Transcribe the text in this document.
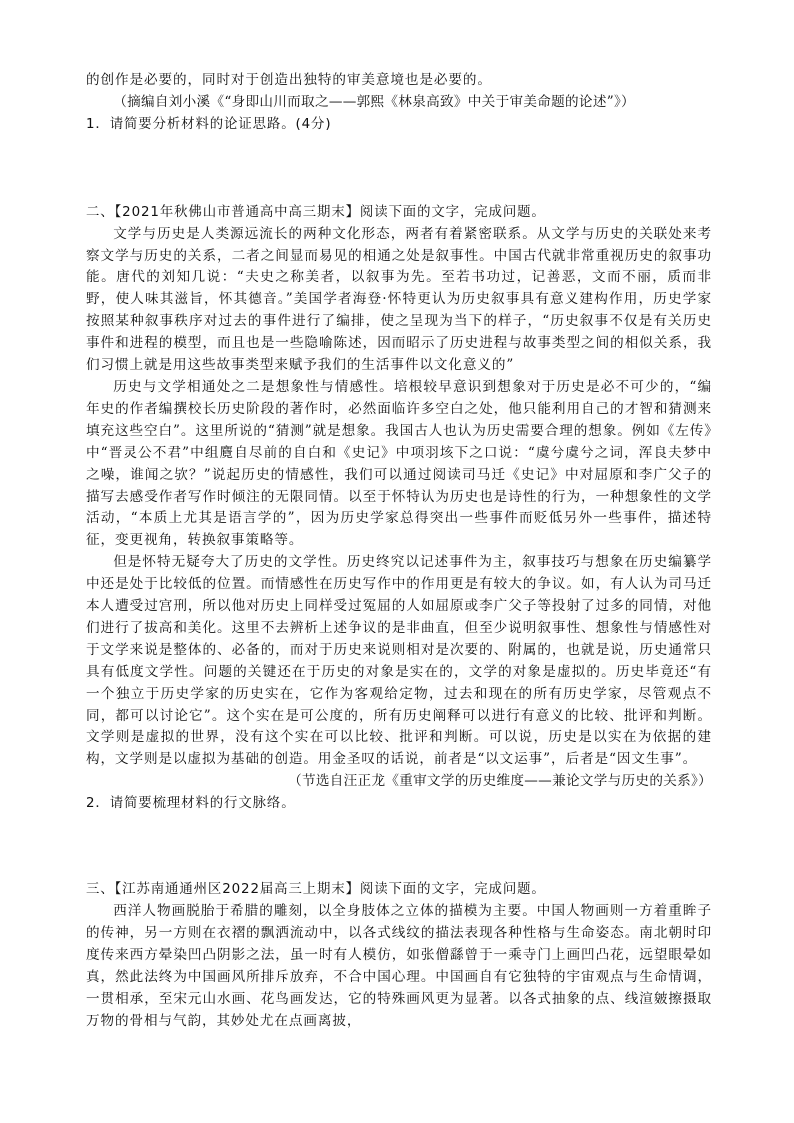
的创作是必要的，同时对于创造出独特的审美意境也是必要的。

（摘编自刘小溪《“身即山川而取之——郭熙《林泉高致》中关于审美命题的论述”》）

1．请简要分析材料的论证思路。(4分)

二、【2021年秋佛山市普通高中高三期末】阅读下面的文字，完成问题。

文学与历史是人类源远流长的两种文化形态，两者有着紧密联系。从文学与历史的关联处来考察文学与历史的关系，二者之间显而易见的相通之处是叙事性。中国古代就非常重视历史的叙事功能。唐代的刘知几说：“夫史之称美者，以叙事为先。至若书功过，记善恶，文而不丽，质而非野，使人味其滋旨，怀其德音。”美国学者海登·怀特更认为历史叙事具有意义建构作用，历史学家按照某种叙事秩序对过去的事件进行了编排，使之呈现为当下的样子，“历史叙事不仅是有关历史事件和进程的模型，而且也是一些隐喻陈述，因而昭示了历史进程与故事类型之间的相似关系，我们习惯上就是用这些故事类型来赋予我们的生活事件以文化意义的”

历史与文学相通处之二是想象性与情感性。培根较早意识到想象对于历史是必不可少的，“编年史的作者编撰校长历史阶段的著作时，必然面临许多空白之处，他只能利用自己的才智和猜测来填充这些空白”。这里所说的“猜测”就是想象。我国古人也认为历史需要合理的想象。例如《左传》中“晋灵公不君”中组麑自尽前的自白和《史记》中项羽垓下之口说：“虞兮虞兮之词，浑良夫梦中之噪，谁闻之欤？”说起历史的情感性，我们可以通过阅读司马迁《史记》中对屈原和李广父子的描写去感受作者写作时倾注的无限同情。以至于怀特认为历史也是诗性的行为，一种想象性的文学活动，“本质上尤其是语言学的”，因为历史学家总得突出一些事件而贬低另外一些事件，描述特征，变更视角，转换叙事策略等。

但是怀特无疑夸大了历史的文学性。历史终究以记述事件为主，叙事技巧与想象在历史编纂学中还是处于比较低的位置。而情感性在历史写作中的作用更是有较大的争议。如，有人认为司马迁本人遭受过宫刑，所以他对历史上同样受过冤屈的人如屈原或李广父子等投射了过多的同情，对他们进行了拔高和美化。这里不去辨析上述争议的是非曲直，但至少说明叙事性、想象性与情感性对于文学来说是整体的、必备的，而对于历史来说则相对是次要的、附属的，也就是说，历史通常只具有低度文学性。问题的关键还在于历史的对象是实在的，文学的对象是虚拟的。历史毕竟还“有一个独立于历史学家的历史实在，它作为客观给定物，过去和现在的所有历史学家，尽管观点不同，都可以讨论它”。这个实在是可公度的，所有历史阐释可以进行有意义的比较、批评和判断。文学则是虚拟的世界，没有这个实在可以比较、批评和判断。可以说，历史是以实在为依据的建构，文学则是以虚拟为基础的创造。用金圣叹的话说，前者是“以文运事”，后者是“因文生事”。

（节选自汪正龙《重审文学的历史维度——兼论文学与历史的关系》）

2．请简要梳理材料的行文脉络。

三、【江苏南通通州区2022届高三上期末】阅读下面的文字，完成问题。

西洋人物画脱胎于希腊的雕刻，以全身肢体之立体的描模为主要。中国人物画则一方着重眸子的传神，另一方则在衣褶的飘洒流动中，以各式线纹的描法表现各种性格与生命姿态。南北朝时印度传来西方晕染凹凸阴影之法，虽一时有人模仿，如张僧繇曾于一乘寺门上画凹凸花，远望眼晕如真，然此法终为中国画风所排斥放弃，不合中国心理。中国画自有它独特的宇宙观点与生命情调，一贯相承，至宋元山水画、花鸟画发达，它的特殊画风更为显著。以各式抽象的点、线渲皴擦摄取万物的骨相与气韵，其妙处尤在点画离披，
